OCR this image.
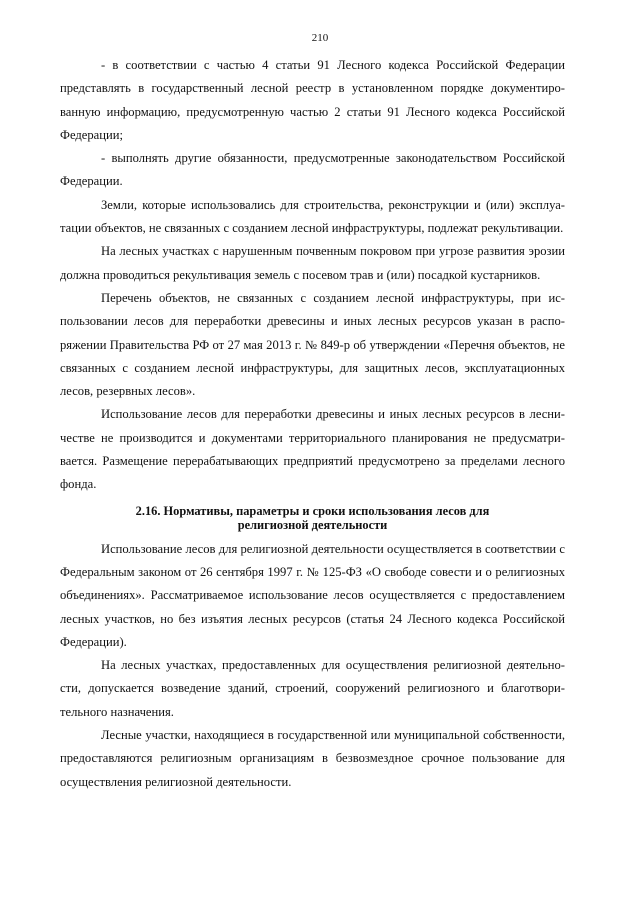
210

- в соответствии с частью 4 статьи 91 Лесного кодекса Российской Федерации представлять в государственный лесной реестр в установленном порядке документированную информацию, предусмотренную частью 2 статьи 91 Лесного кодекса Российской Федерации;

- выполнять другие обязанности, предусмотренные законодательством Российской Федерации.

Земли, которые использовались для строительства, реконструкции и (или) эксплуатации объектов, не связанных с созданием лесной инфраструктуры, подлежат рекультивации.

На лесных участках с нарушенным почвенным покровом при угрозе развития эрозии должна проводиться рекультивация земель с посевом трав и (или) посадкой кустарников.

Перечень объектов, не связанных с созданием лесной инфраструктуры, при использовании лесов для переработки древесины и иных лесных ресурсов указан в распоряжении Правительства РФ от 27 мая 2013 г. № 849-р об утверждении «Перечня объектов, не связанных с созданием лесной инфраструктуры, для защитных лесов, эксплуатационных лесов, резервных лесов».

Использование лесов для переработки древесины и иных лесных ресурсов в лесничестве не производится и документами территориального планирования не предусматривается. Размещение перерабатывающих предприятий предусмотрено за пределами лесного фонда.

2.16. Нормативы, параметры и сроки использования лесов для
религиозной деятельности

Использование лесов для религиозной деятельности осуществляется в соответствии с Федеральным законом от 26 сентября 1997 г. № 125-ФЗ «О свободе совести и о религиозных объединениях». Рассматриваемое использование лесов осуществляется с предоставлением лесных участков, но без изъятия лесных ресурсов (статья 24 Лесного кодекса Российской Федерации).

На лесных участках, предоставленных для осуществления религиозной деятельности, допускается возведение зданий, строений, сооружений религиозного и благотворительного назначения.

Лесные участки, находящиеся в государственной или муниципальной собственности, предоставляются религиозным организациям в безвозмездное срочное пользование для осуществления религиозной деятельности.
